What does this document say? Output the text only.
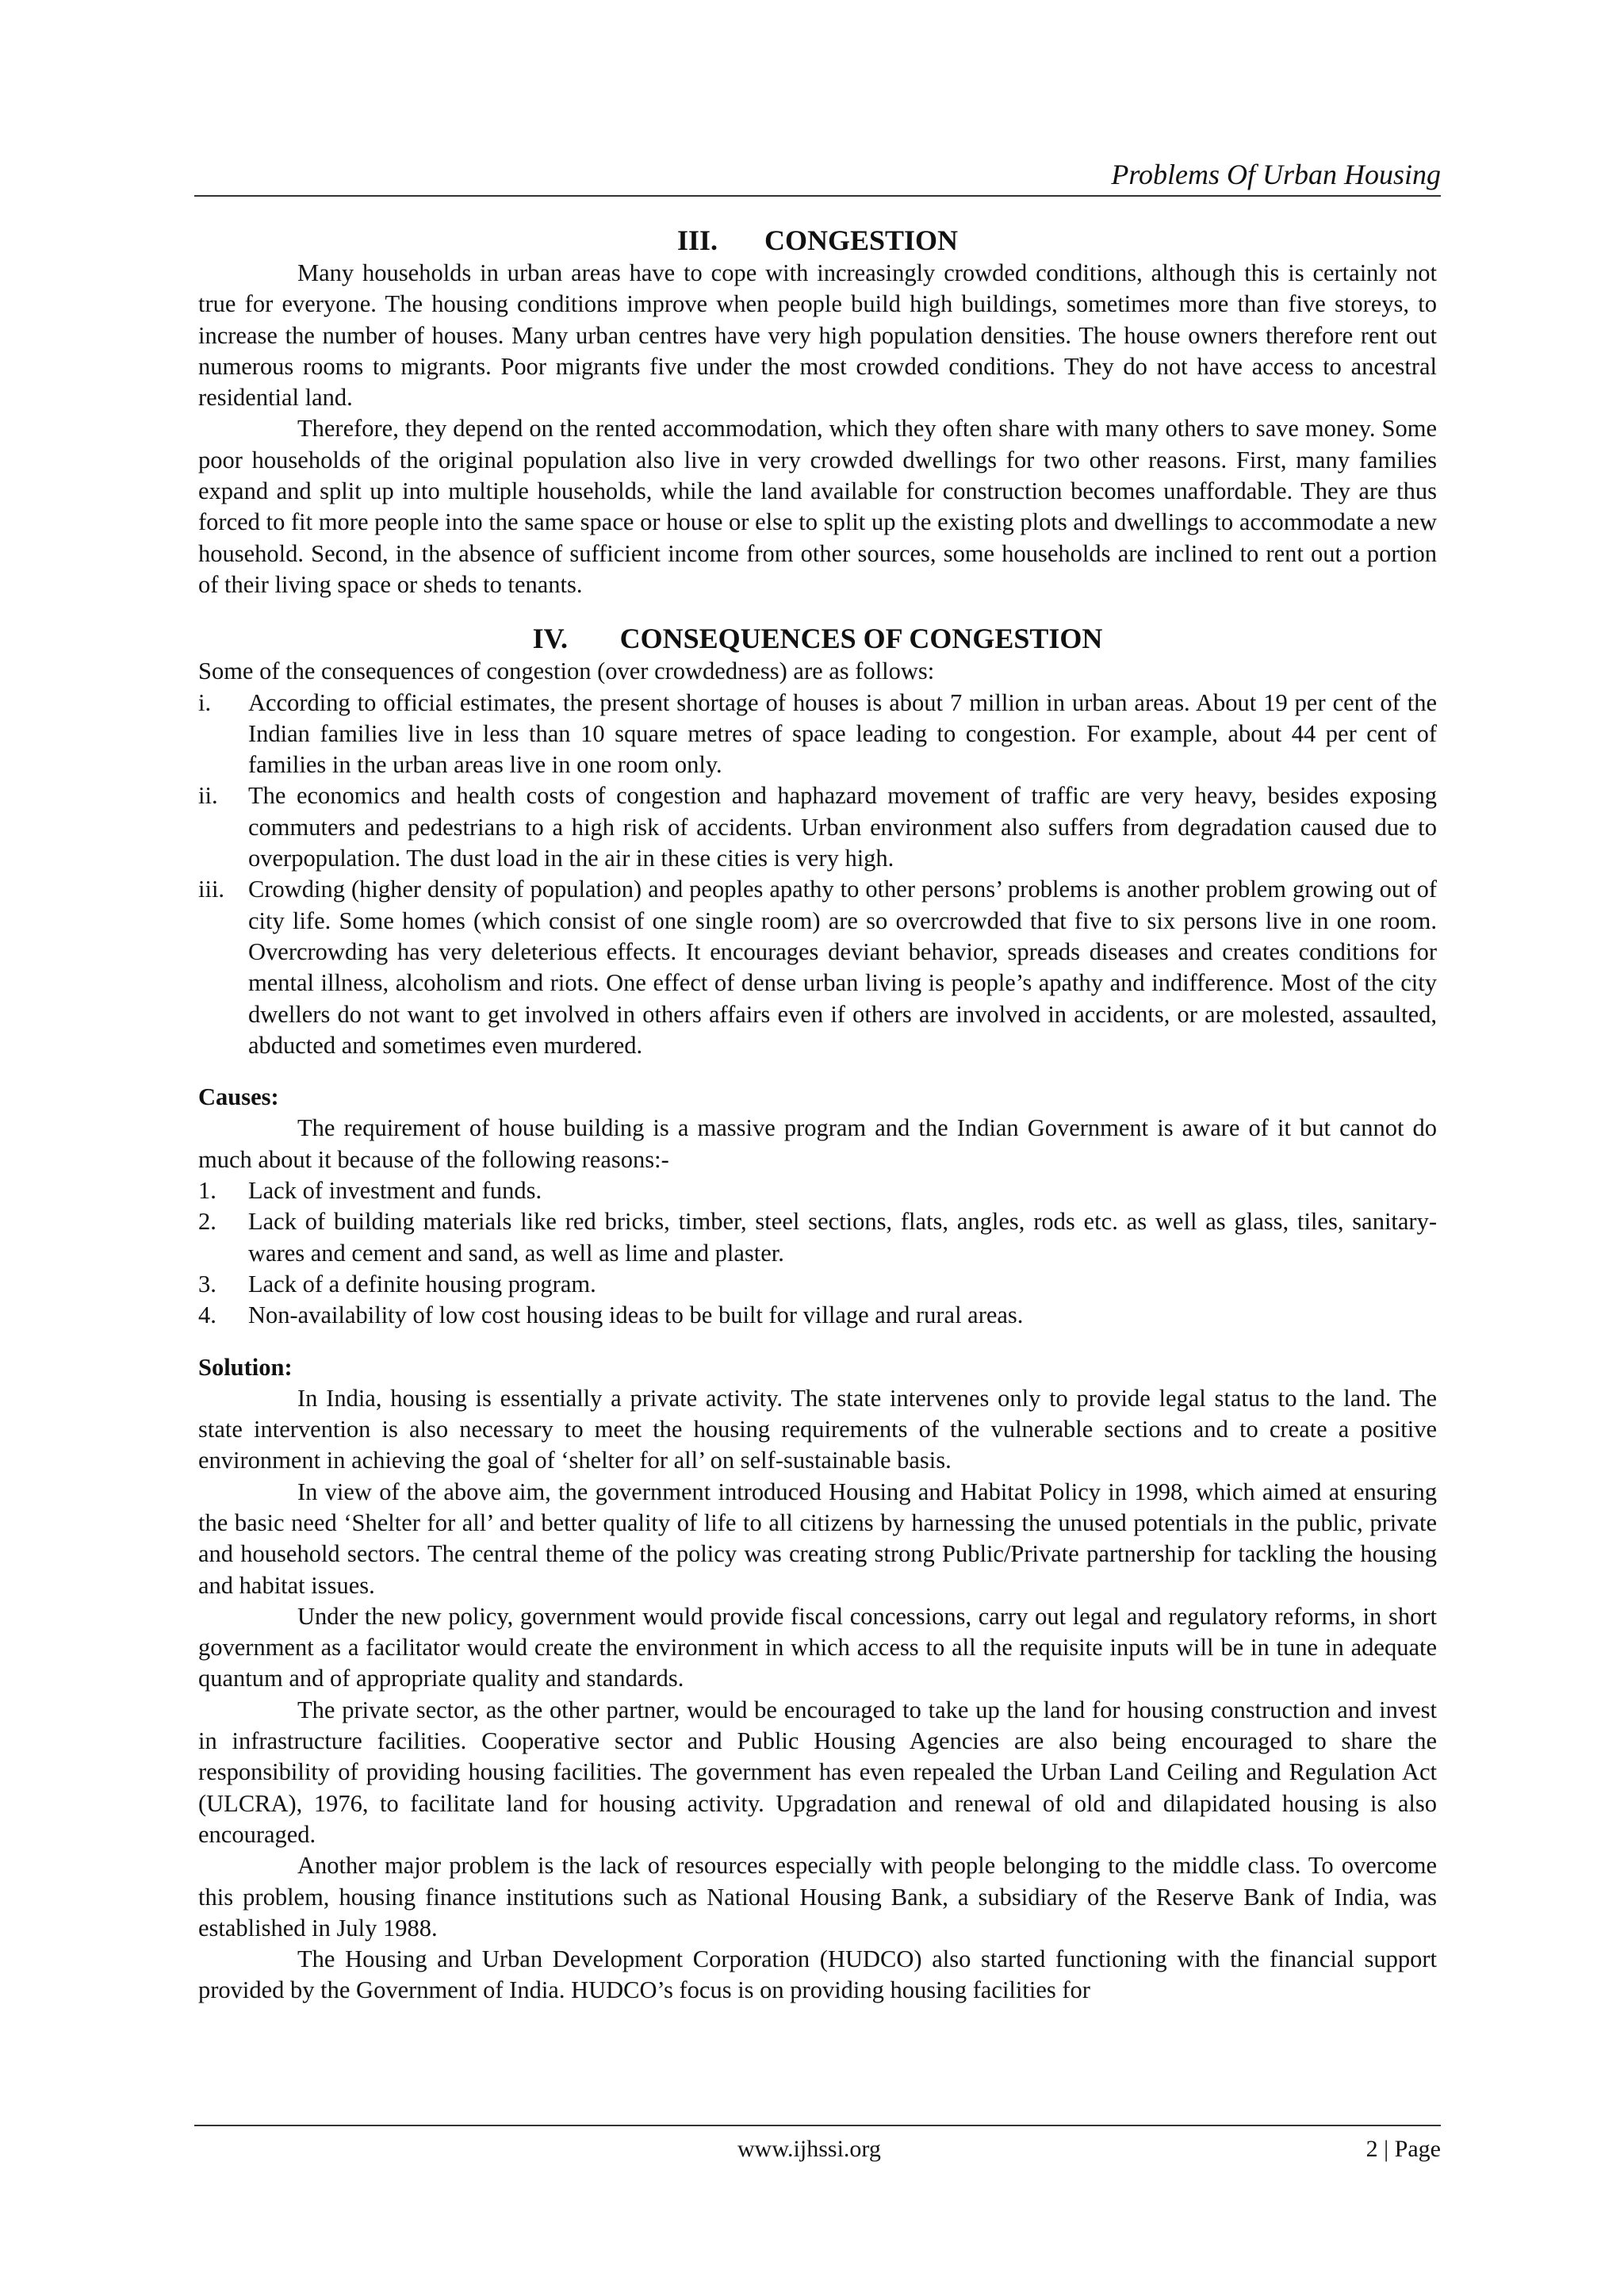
Problems Of Urban Housing
III. CONGESTION

Many households in urban areas have to cope with increasingly crowded conditions, although this is certainly not true for everyone. The housing conditions improve when people build high buildings, sometimes more than five storeys, to increase the number of houses. Many urban centres have very high population densities. The house owners therefore rent out numerous rooms to migrants. Poor migrants five under the most crowded conditions. They do not have access to ancestral residential land.

Therefore, they depend on the rented accommodation, which they often share with many others to save money. Some poor households of the original population also live in very crowded dwellings for two other reasons. First, many families expand and split up into multiple households, while the land available for construction becomes unaffordable. They are thus forced to fit more people into the same space or house or else to split up the existing plots and dwellings to accommodate a new household. Second, in the absence of sufficient income from other sources, some households are inclined to rent out a portion of their living space or sheds to tenants.

IV. CONSEQUENCES OF CONGESTION

Some of the consequences of congestion (over crowdedness) are as follows:

i. According to official estimates, the present shortage of houses is about 7 million in urban areas. About 19 per cent of the Indian families live in less than 10 square metres of space leading to congestion. For example, about 44 per cent of families in the urban areas live in one room only.
ii. The economics and health costs of congestion and haphazard movement of traffic are very heavy, besides exposing commuters and pedestrians to a high risk of accidents. Urban environment also suffers from degradation caused due to overpopulation. The dust load in the air in these cities is very high.
iii. Crowding (higher density of population) and peoples apathy to other persons’ problems is another problem growing out of city life. Some homes (which consist of one single room) are so overcrowded that five to six persons live in one room. Overcrowding has very deleterious effects. It encourages deviant behavior, spreads diseases and creates conditions for mental illness, alcoholism and riots. One effect of dense urban living is people’s apathy and indifference. Most of the city dwellers do not want to get involved in others affairs even if others are involved in accidents, or are molested, assaulted, abducted and sometimes even murdered.
Causes:

The requirement of house building is a massive program and the Indian Government is aware of it but cannot do much about it because of the following reasons:-

1. Lack of investment and funds.
2. Lack of building materials like red bricks, timber, steel sections, flats, angles, rods etc. as well as glass, tiles, sanitary-wares and cement and sand, as well as lime and plaster.
3. Lack of a definite housing program.
4. Non-availability of low cost housing ideas to be built for village and rural areas.
Solution:

In India, housing is essentially a private activity. The state intervenes only to provide legal status to the land. The state intervention is also necessary to meet the housing requirements of the vulnerable sections and to create a positive environment in achieving the goal of ‘shelter for all’ on self-sustainable basis.

In view of the above aim, the government introduced Housing and Habitat Policy in 1998, which aimed at ensuring the basic need ‘Shelter for all’ and better quality of life to all citizens by harnessing the unused potentials in the public, private and household sectors. The central theme of the policy was creating strong Public/Private partnership for tackling the housing and habitat issues.

Under the new policy, government would provide fiscal concessions, carry out legal and regulatory reforms, in short government as a facilitator would create the environment in which access to all the requisite inputs will be in tune in adequate quantum and of appropriate quality and standards.

The private sector, as the other partner, would be encouraged to take up the land for housing construction and invest in infrastructure facilities. Cooperative sector and Public Housing Agencies are also being encouraged to share the responsibility of providing housing facilities. The government has even repealed the Urban Land Ceiling and Regulation Act (ULCRA), 1976, to facilitate land for housing activity. Upgradation and renewal of old and dilapidated housing is also encouraged.

Another major problem is the lack of resources especially with people belonging to the middle class. To overcome this problem, housing finance institutions such as National Housing Bank, a subsidiary of the Reserve Bank of India, was established in July 1988.

The Housing and Urban Development Corporation (HUDCO) also started functioning with the financial support provided by the Government of India. HUDCO’s focus is on providing housing facilities for

www.ijhssi.org	2 | Page
